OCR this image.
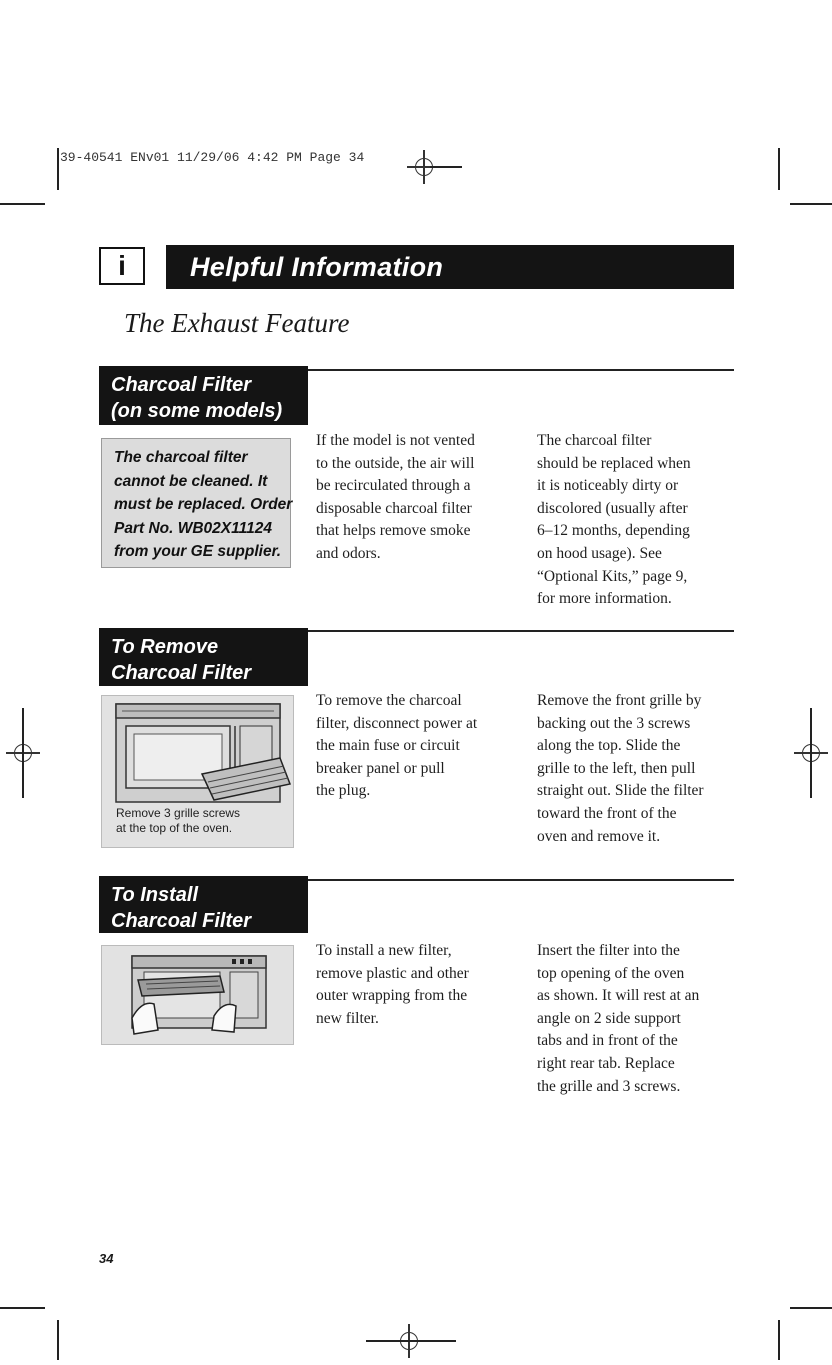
39-40541 ENv01 11/29/06 4:42 PM Page 34
i Helpful Information
The Exhaust Feature
Charcoal Filter
(on some models)
The charcoal filter
cannot be cleaned. It
must be replaced. Order
Part No. WB02X11124
from your GE supplier.
If the model is not vented
to the outside, the air will
be recirculated through a
disposable charcoal filter
that helps remove smoke
and odors.
The charcoal filter
should be replaced when
it is noticeably dirty or
discolored (usually after
6–12 months, depending
on hood usage). See
“Optional Kits,” page 9,
for more information.
To Remove
Charcoal Filter
Remove 3 grille screws
at the top of the oven.
To remove the charcoal
filter, disconnect power at
the main fuse or circuit
breaker panel or pull
the plug.
Remove the front grille by
backing out the 3 screws
along the top. Slide the
grille to the left, then pull
straight out. Slide the filter
toward the front of the
oven and remove it.
To Install
Charcoal Filter
To install a new filter,
remove plastic and other
outer wrapping from the
new filter.
Insert the filter into the
top opening of the oven
as shown. It will rest at an
angle on 2 side support
tabs and in front of the
right rear tab. Replace
the grille and 3 screws.
34
